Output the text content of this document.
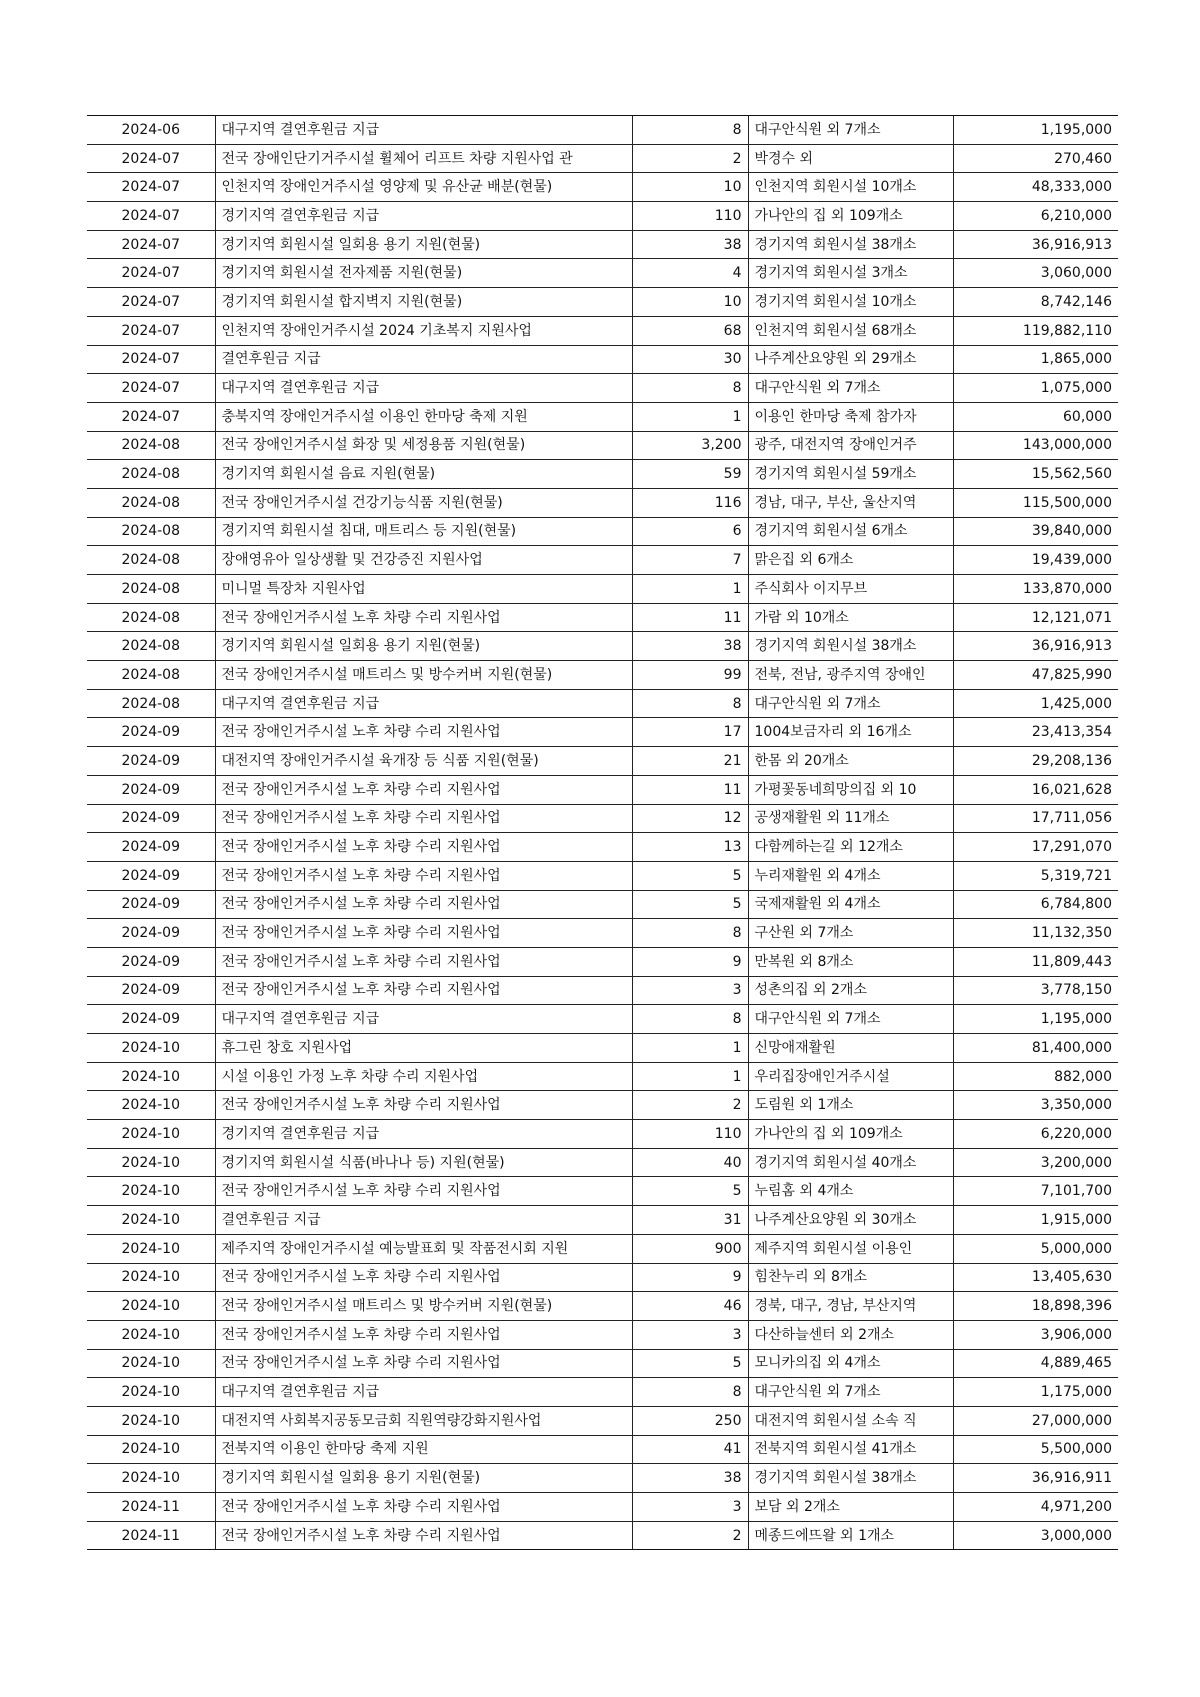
2024-06	대구지역 결연후원금 지급	8	대구안식원 외 7개소	1,195,000
2024-07	전국 장애인단기거주시설 휠체어 리프트 차량 지원사업 관	2	박경수 외	270,460
2024-07	인천지역 장애인거주시설 영양제 및 유산균 배분(현물)	10	인천지역 회원시설 10개소	48,333,000
2024-07	경기지역 결연후원금 지급	110	가나안의 집 외 109개소	6,210,000
2024-07	경기지역 회원시설 일회용 용기 지원(현물)	38	경기지역 회원시설 38개소	36,916,913
2024-07	경기지역 회원시설 전자제품 지원(현물)	4	경기지역 회원시설 3개소	3,060,000
2024-07	경기지역 회원시설 합지벽지 지원(현물)	10	경기지역 회원시설 10개소	8,742,146
2024-07	인천지역 장애인거주시설 2024 기초복지 지원사업	68	인천지역 회원시설 68개소	119,882,110
2024-07	결연후원금 지급	30	나주계산요양원 외 29개소	1,865,000
2024-07	대구지역 결연후원금 지급	8	대구안식원 외 7개소	1,075,000
2024-07	충북지역 장애인거주시설 이용인 한마당 축제 지원	1	이용인 한마당 축제 참가자	60,000
2024-08	전국 장애인거주시설 화장 및 세정용품 지원(현물)	3,200	광주, 대전지역 장애인거주	143,000,000
2024-08	경기지역 회원시설 음료 지원(현물)	59	경기지역 회원시설 59개소	15,562,560
2024-08	전국 장애인거주시설 건강기능식품 지원(현물)	116	경남, 대구, 부산, 울산지역	115,500,000
2024-08	경기지역 회원시설 침대, 매트리스 등 지원(현물)	6	경기지역 회원시설 6개소	39,840,000
2024-08	장애영유아 일상생활 및 건강증진 지원사업	7	맑은집 외 6개소	19,439,000
2024-08	미니멀 특장차 지원사업	1	주식회사 이지무브	133,870,000
2024-08	전국 장애인거주시설 노후 차량 수리 지원사업	11	가람 외 10개소	12,121,071
2024-08	경기지역 회원시설 일회용 용기 지원(현물)	38	경기지역 회원시설 38개소	36,916,913
2024-08	전국 장애인거주시설 매트리스 및 방수커버 지원(현물)	99	전북, 전남, 광주지역 장애인	47,825,990
2024-08	대구지역 결연후원금 지급	8	대구안식원 외 7개소	1,425,000
2024-09	전국 장애인거주시설 노후 차량 수리 지원사업	17	1004보금자리 외 16개소	23,413,354
2024-09	대전지역 장애인거주시설 육개장 등 식품 지원(현물)	21	한몸 외 20개소	29,208,136
2024-09	전국 장애인거주시설 노후 차량 수리 지원사업	11	가평꽃동네희망의집 외 10	16,021,628
2024-09	전국 장애인거주시설 노후 차량 수리 지원사업	12	공생재활원 외 11개소	17,711,056
2024-09	전국 장애인거주시설 노후 차량 수리 지원사업	13	다함께하는길 외 12개소	17,291,070
2024-09	전국 장애인거주시설 노후 차량 수리 지원사업	5	누리재활원 외 4개소	5,319,721
2024-09	전국 장애인거주시설 노후 차량 수리 지원사업	5	국제재활원 외 4개소	6,784,800
2024-09	전국 장애인거주시설 노후 차량 수리 지원사업	8	구산원 외 7개소	11,132,350
2024-09	전국 장애인거주시설 노후 차량 수리 지원사업	9	만복원 외 8개소	11,809,443
2024-09	전국 장애인거주시설 노후 차량 수리 지원사업	3	성촌의집 외 2개소	3,778,150
2024-09	대구지역 결연후원금 지급	8	대구안식원 외 7개소	1,195,000
2024-10	휴그린 창호 지원사업	1	신망애재활원	81,400,000
2024-10	시설 이용인 가정 노후 차량 수리 지원사업	1	우리집장애인거주시설	882,000
2024-10	전국 장애인거주시설 노후 차량 수리 지원사업	2	도림원 외 1개소	3,350,000
2024-10	경기지역 결연후원금 지급	110	가나안의 집 외 109개소	6,220,000
2024-10	경기지역 회원시설 식품(바나나 등) 지원(현물)	40	경기지역 회원시설 40개소	3,200,000
2024-10	전국 장애인거주시설 노후 차량 수리 지원사업	5	누림홈 외 4개소	7,101,700
2024-10	결연후원금 지급	31	나주계산요양원 외 30개소	1,915,000
2024-10	제주지역 장애인거주시설 예능발표회 및 작품전시회 지원	900	제주지역 회원시설 이용인	5,000,000
2024-10	전국 장애인거주시설 노후 차량 수리 지원사업	9	힘찬누리 외 8개소	13,405,630
2024-10	전국 장애인거주시설 매트리스 및 방수커버 지원(현물)	46	경북, 대구, 경남, 부산지역	18,898,396
2024-10	전국 장애인거주시설 노후 차량 수리 지원사업	3	다산하늘센터 외 2개소	3,906,000
2024-10	전국 장애인거주시설 노후 차량 수리 지원사업	5	모니카의집 외 4개소	4,889,465
2024-10	대구지역 결연후원금 지급	8	대구안식원 외 7개소	1,175,000
2024-10	대전지역 사회복지공동모금회 직원역량강화지원사업	250	대전지역 회원시설 소속 직	27,000,000
2024-10	전북지역 이용인 한마당 축제 지원	41	전북지역 회원시설 41개소	5,500,000
2024-10	경기지역 회원시설 일회용 용기 지원(현물)	38	경기지역 회원시설 38개소	36,916,911
2024-11	전국 장애인거주시설 노후 차량 수리 지원사업	3	보담 외 2개소	4,971,200
2024-11	전국 장애인거주시설 노후 차량 수리 지원사업	2	메종드에뜨왈 외 1개소	3,000,000
